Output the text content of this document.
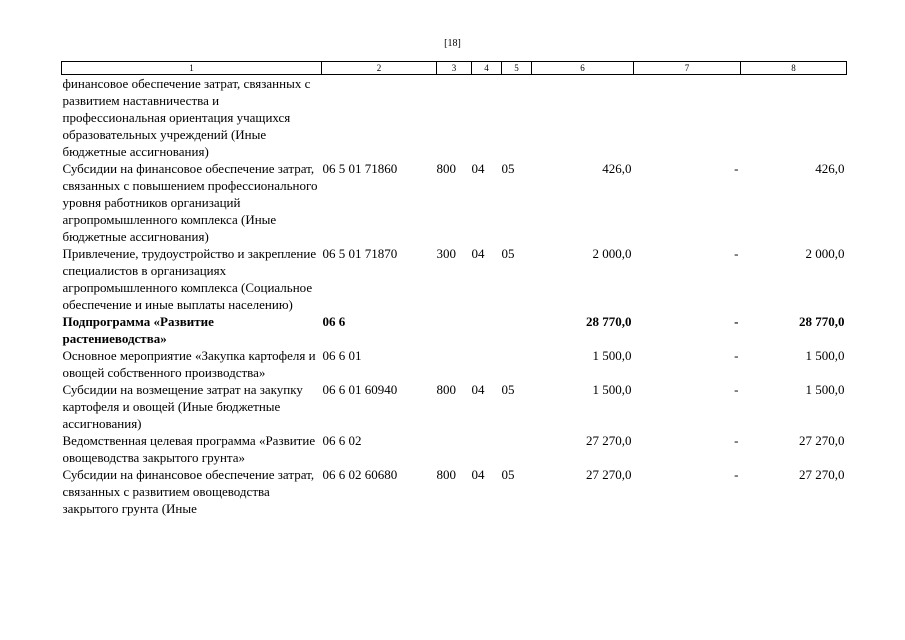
[18]
1	2	3	4	5	6	7	8
финансовое обеспечение затрат, связанных с развитием наставничества и профессиональная ориентация учащихся образовательных учреждений (Иные бюджетные ассигнования)							
Субсидии на финансовое обеспечение затрат, связанных с повышением профессионального уровня работников организаций агропромышленного комплекса (Иные бюджетные ассигнования)	06 5 01 71860	800	04	05	426,0	-	426,0
Привлечение, трудоустройство и закрепление специалистов в организациях агропромышленного комплекса (Социальное обеспечение и иные выплаты населению)	06 5 01 71870	300	04	05	2 000,0	-	2 000,0
Подпрограмма «Развитие растениеводства»	06 6				28 770,0	-	28 770,0
Основное мероприятие «Закупка картофеля и овощей собственного производства»	06 6 01				1 500,0	-	1 500,0
Субсидии на возмещение затрат на закупку картофеля и овощей (Иные бюджетные ассигнования)	06 6 01 60940	800	04	05	1 500,0	-	1 500,0
Ведомственная целевая программа «Развитие овощеводства закрытого грунта»	06 6 02				27 270,0	-	27 270,0
Субсидии на финансовое обеспечение затрат, связанных с развитием овощеводства закрытого грунта (Иные	06 6 02 60680	800	04	05	27 270,0	-	27 270,0
